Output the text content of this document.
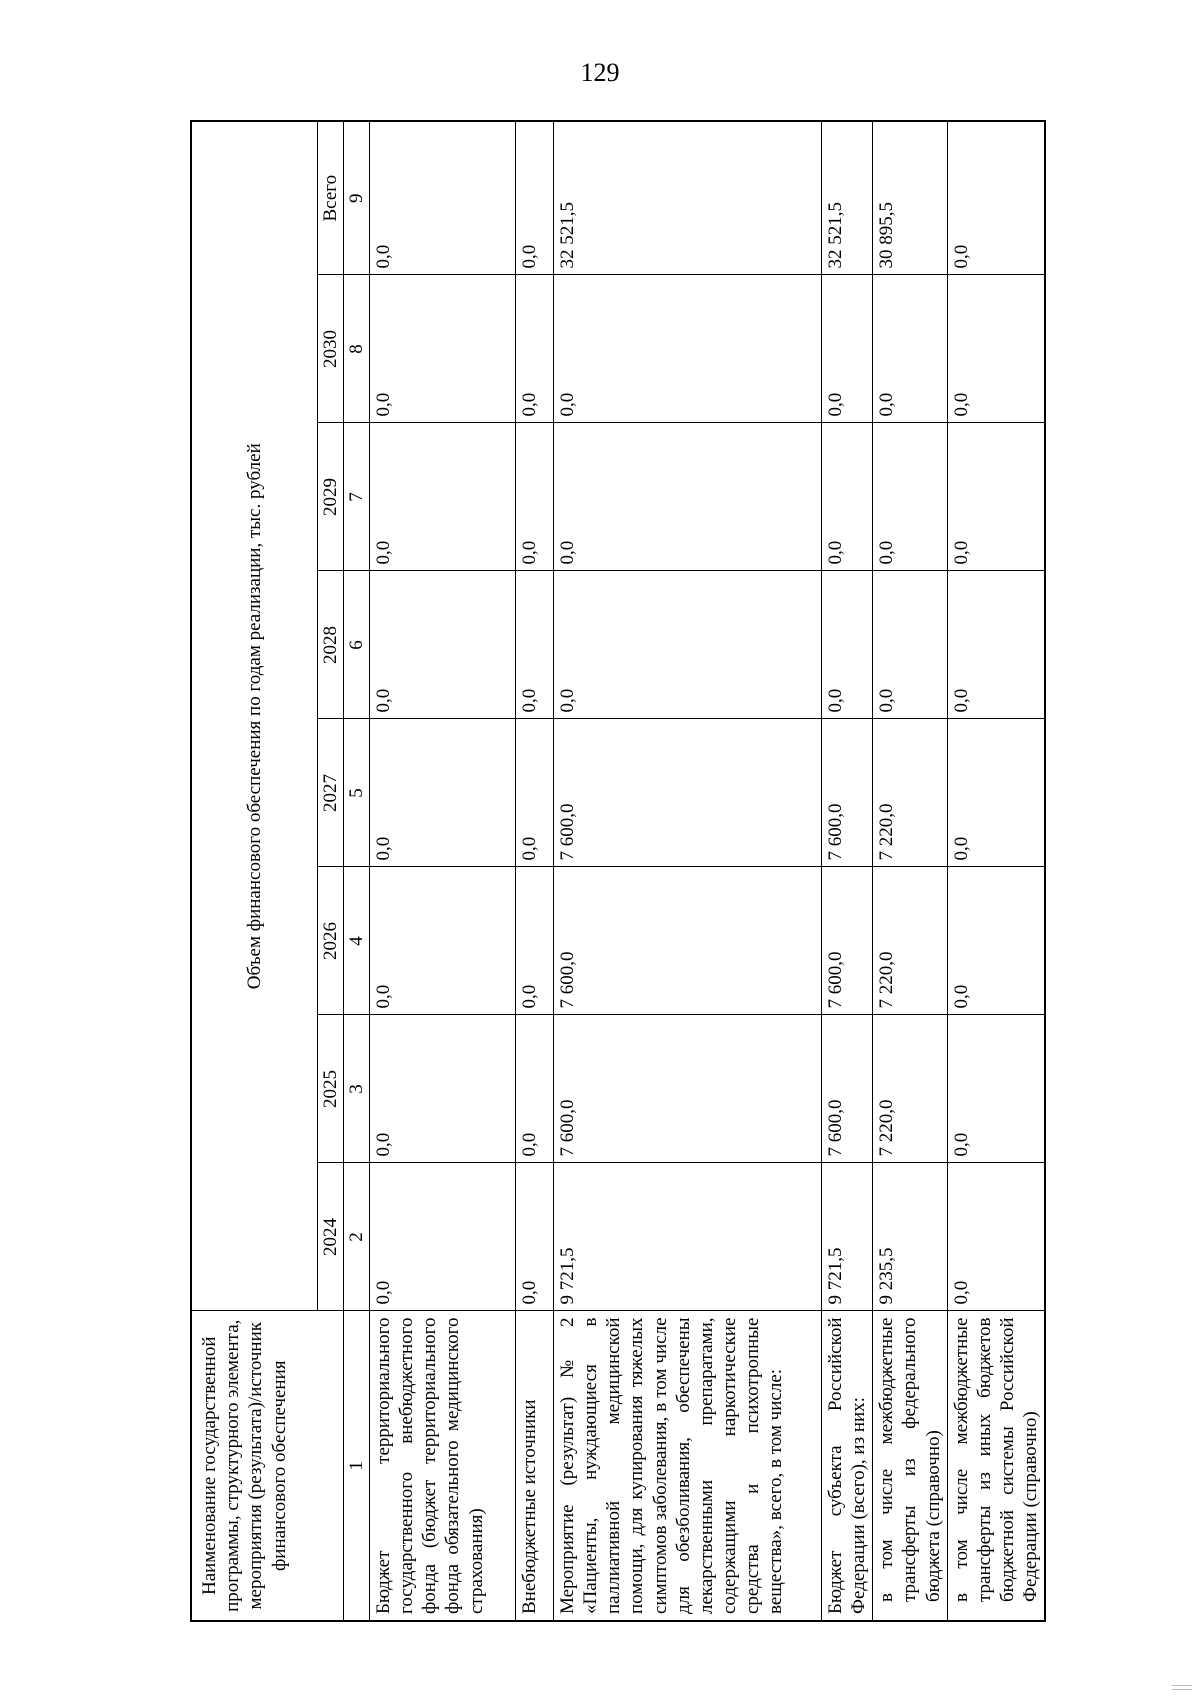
129
Наименование государственной программы, структурного элемента, мероприятия (результата)/источник финансового обеспечения	Объем финансового обеспечения по годам реализации, тыс. рублей							
	2024	2025	2026	2027	2028	2029	2030	Всего
1	2	3	4	5	6	7	8	9
Бюджет территориального государственного внебюджетного фонда (бюджет территориального фонда обязательного медицинского страхования)	0,0	0,0	0,0	0,0	0,0	0,0	0,0	0,0
Внебюджетные источники	0,0	0,0	0,0	0,0	0,0	0,0	0,0	0,0
Мероприятие (результат) № 2 «Пациенты, нуждающиеся в паллиативной медицинской помощи, для купирования тяжелых симптомов заболевания, в том числе для обезболивания, обеспечены лекарственными препаратами, содержащими наркотические средства и психотропные вещества», всего, в том числе:	9 721,5	7 600,0	7 600,0	7 600,0	0,0	0,0	0,0	32 521,5
Бюджет субъекта Российской Федерации (всего), из них:	9 721,5	7 600,0	7 600,0	7 600,0	0,0	0,0	0,0	32 521,5
в том числе межбюджетные трансферты из федерального бюджета (справочно)	9 235,5	7 220,0	7 220,0	7 220,0	0,0	0,0	0,0	30 895,5
в том числе межбюджетные трансферты из иных бюджетов бюджетной системы Российской Федерации (справочно)	0,0	0,0	0,0	0,0	0,0	0,0	0,0	0,0
